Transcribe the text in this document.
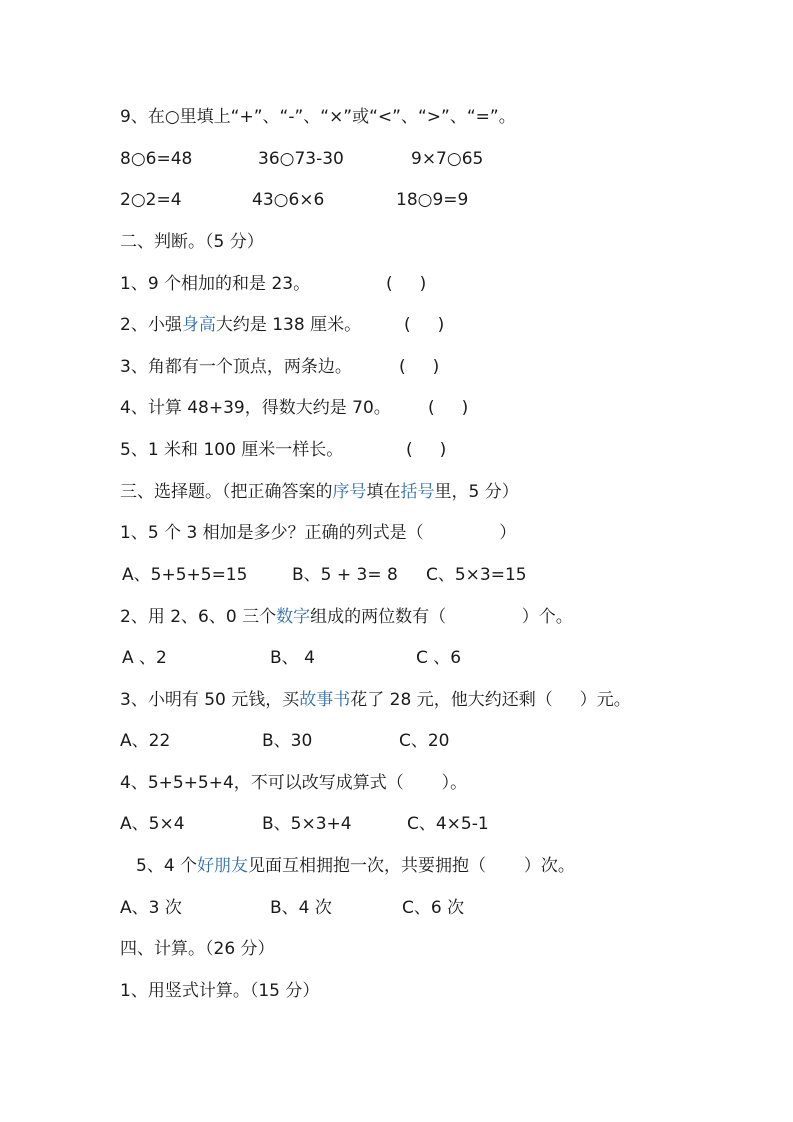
9、在○里填上“+”、“-”、“×”或“<”、“>”、“=”。
8○6=48	36○73-30	9×7○65
2○2=4	43○6×6	18○9=9
二、判断。（5 分）
1、9 个相加的和是 23。	(     )
2、小强身高大约是 138 厘米。	(     )
3、角都有一个顶点，两条边。	(     )
4、计算 48+39，得数大约是 70。 (     )
5、1 米和 100 厘米一样长。	(     )
三、选择题。（把正确答案的序号填在括号里，5 分）
1、5 个 3 相加是多少？正确的列式是（              ）
A、5+5+5=15	B、5 + 3= 8 C、5×3=15
2、用 2、6、0 三个数字组成的两位数有（              ）个。
A 、2	B、 4	C 、6
3、小明有 50 元钱，买故事书花了 28 元，他大约还剩（     ）元。
A、22	B、30	C、20
4、5+5+5+4，不可以改写成算式（       ）。
A、5×4	B、5×3+4	C、4×5-1
5、4 个好朋友见面互相拥抱一次，共要拥抱（       ）次。
A、3 次	B、4 次	C、6 次
四、计算。（26 分）
1、用竖式计算。（15 分）
